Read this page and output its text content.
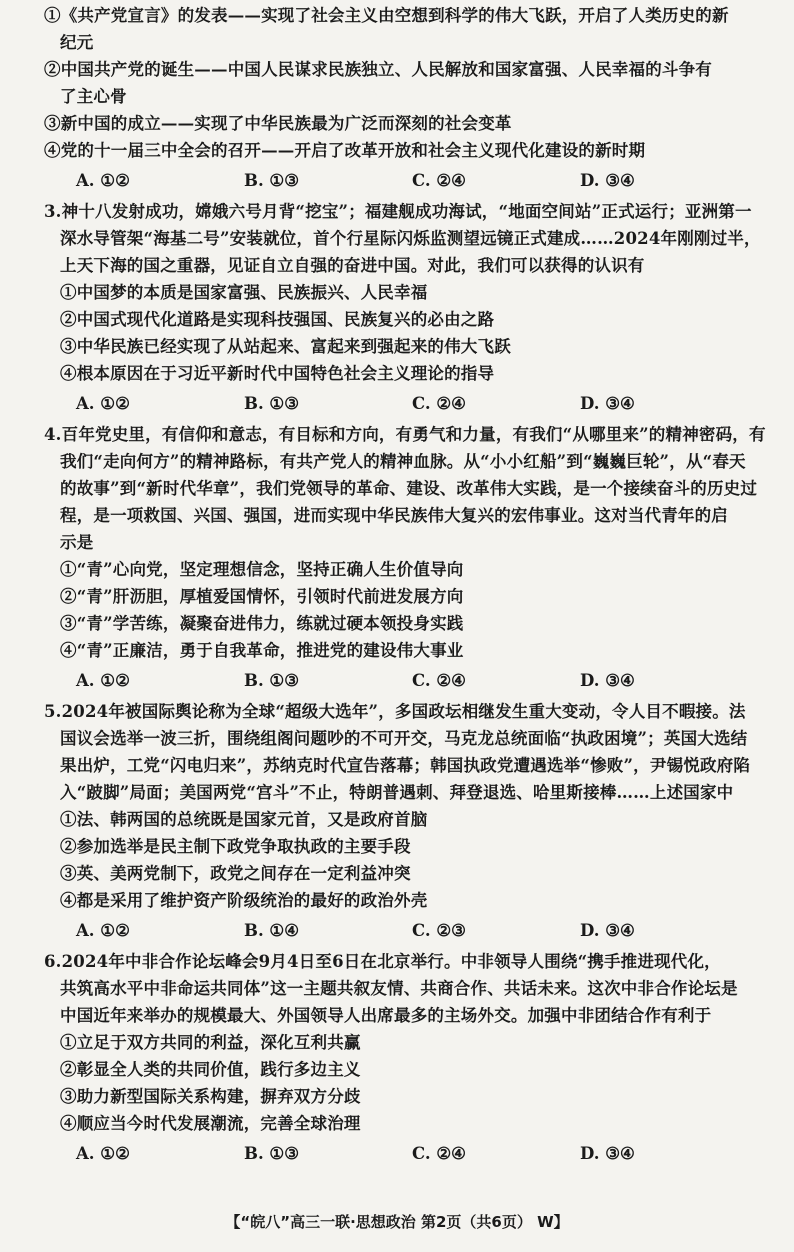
①《共产党宣言》的发表——实现了社会主义由空想到科学的伟大飞跃，开启了人类历史的新
纪元
②中国共产党的诞生——中国人民谋求民族独立、人民解放和国家富强、人民幸福的斗争有
了主心骨
③新中国的成立——实现了中华民族最为广泛而深刻的社会变革
④党的十一届三中全会的召开——开启了改革开放和社会主义现代化建设的新时期
A. ①②	B. ①③	C. ②④	D. ③④
3.神十八发射成功，嫦娥六号月背“挖宝”；福建舰成功海试，“地面空间站”正式运行；亚洲第一
深水导管架“海基二号”安装就位，首个行星际闪烁监测望远镜正式建成……2024年刚刚过半，
上天下海的国之重器，见证自立自强的奋进中国。对此，我们可以获得的认识有
①中国梦的本质是国家富强、民族振兴、人民幸福
②中国式现代化道路是实现科技强国、民族复兴的必由之路
③中华民族已经实现了从站起来、富起来到强起来的伟大飞跃
④根本原因在于习近平新时代中国特色社会主义理论的指导
A. ①②	B. ①③	C. ②④	D. ③④
4.百年党史里，有信仰和意志，有目标和方向，有勇气和力量，有我们“从哪里来”的精神密码，有
我们“走向何方”的精神路标，有共产党人的精神血脉。从“小小红船”到“巍巍巨轮”，从“春天
的故事”到“新时代华章”，我们党领导的革命、建设、改革伟大实践，是一个接续奋斗的历史过
程，是一项救国、兴国、强国，进而实现中华民族伟大复兴的宏伟事业。这对当代青年的启
示是
①“青”心向党，坚定理想信念，坚持正确人生价值导向
②“青”肝沥胆，厚植爱国情怀，引领时代前进发展方向
③“青”学苦练，凝聚奋进伟力，练就过硬本领投身实践
④“青”正廉洁，勇于自我革命，推进党的建设伟大事业
A. ①②	B. ①③	C. ②④	D. ③④
5.2024年被国际舆论称为全球“超级大选年”，多国政坛相继发生重大变动，令人目不暇接。法
国议会选举一波三折，围绕组阁问题吵的不可开交，马克龙总统面临“执政困境”；英国大选结
果出炉，工党“闪电归来”，苏纳克时代宣告落幕；韩国执政党遭遇选举“惨败”，尹锡悦政府陷
入“跛脚”局面；美国两党“宫斗”不止，特朗普遇刺、拜登退选、哈里斯接棒……上述国家中
①法、韩两国的总统既是国家元首，又是政府首脑
②参加选举是民主制下政党争取执政的主要手段
③英、美两党制下，政党之间存在一定利益冲突
④都是采用了维护资产阶级统治的最好的政治外壳
A. ①②	B. ①④	C. ②③	D. ③④
6.2024年中非合作论坛峰会9月4日至6日在北京举行。中非领导人围绕“携手推进现代化，
共筑高水平中非命运共同体”这一主题共叙友情、共商合作、共话未来。这次中非合作论坛是
中国近年来举办的规模最大、外国领导人出席最多的主场外交。加强中非团结合作有利于
①立足于双方共同的利益，深化互利共赢
②彰显全人类的共同价值，践行多边主义
③助力新型国际关系构建，摒弃双方分歧
④顺应当今时代发展潮流，完善全球治理
A. ①②	B. ①③	C. ②④	D. ③④
【“皖八”高三一联·思想政治 第2页（共6页） W】
